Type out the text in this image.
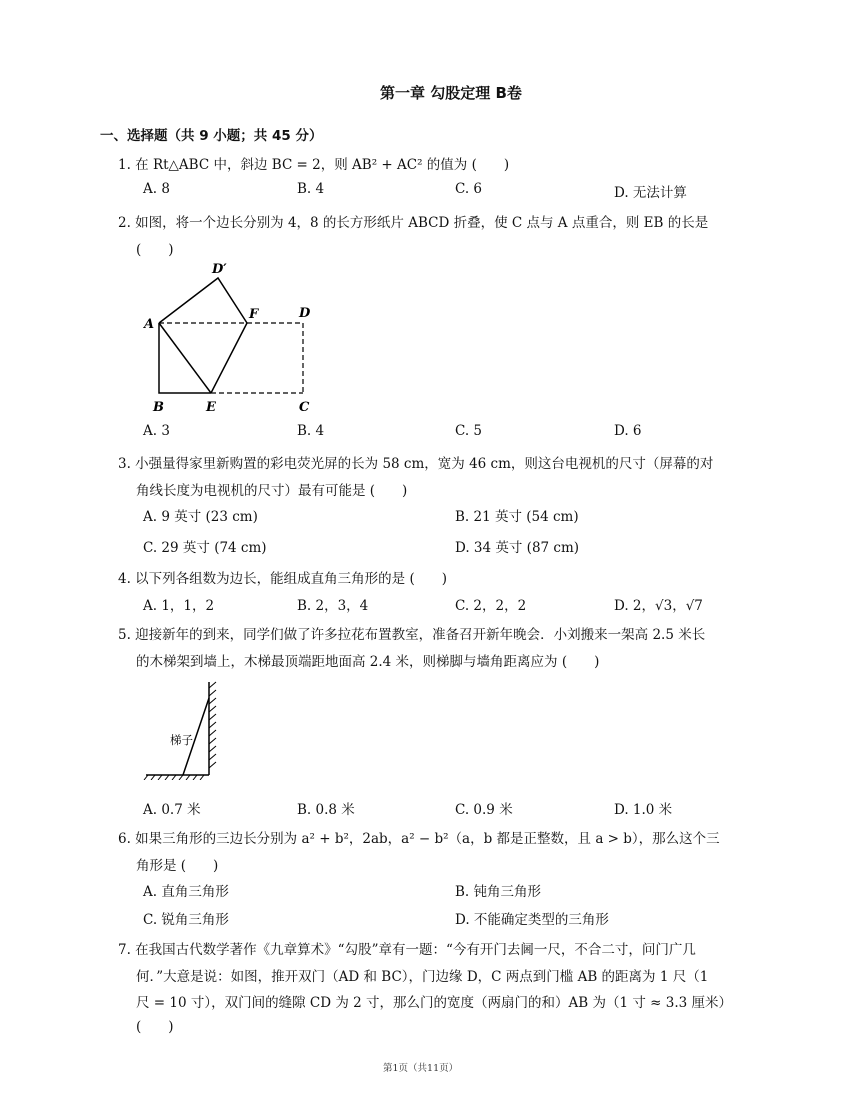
第一章 勾股定理 B卷
一、选择题（共 9 小题；共 45 分）
1. 在 Rt△ABC 中，斜边 BC = 2，则 AB² + AC² 的值为 (　　)
A. 8	B. 4	C. 6	D. 无法计算
2. 如图，将一个边长分别为 4，8 的长方形纸片 ABCD 折叠，使 C 点与 A 点重合，则 EB 的长是
(　　)
D′
A
F	D
B	E	C
A. 3	B. 4	C. 5	D. 6
3. 小强量得家里新购置的彩电荧光屏的长为 58 cm，宽为 46 cm，则这台电视机的尺寸（屏幕的对
角线长度为电视机的尺寸）最有可能是 (　　)
A. 9 英寸 (23 cm)	B. 21 英寸 (54 cm)
C. 29 英寸 (74 cm)	D. 34 英寸 (87 cm)
4. 以下列各组数为边长，能组成直角三角形的是 (　　)
A. 1，1，2	B. 2，3，4	C. 2，2，2	D. 2，√3，√7
5. 迎接新年的到来，同学们做了许多拉花布置教室，准备召开新年晚会．小刘搬来一架高 2.5 米长
的木梯架到墙上，木梯最顶端距地面高 2.4 米，则梯脚与墙角距离应为 (　　)
梯子
A. 0.7 米	B. 0.8 米	C. 0.9 米	D. 1.0 米
6. 如果三角形的三边长分别为 a² + b²，2ab，a² − b²（a，b 都是正整数，且 a > b），那么这个三
角形是 (　　)
A. 直角三角形	B. 钝角三角形
C. 锐角三角形	D. 不能确定类型的三角形
7. 在我国古代数学著作《九章算术》“勾股”章有一题：“今有开门去阃一尺，不合二寸，问门广几
何．”大意是说：如图，推开双门（AD 和 BC），门边缘 D，C 两点到门槛 AB 的距离为 1 尺（1
尺 = 10 寸），双门间的缝隙 CD 为 2 寸，那么门的宽度（两扇门的和）AB 为（1 寸 ≈ 3.3 厘米）
(　　)
第1页（共11页）
